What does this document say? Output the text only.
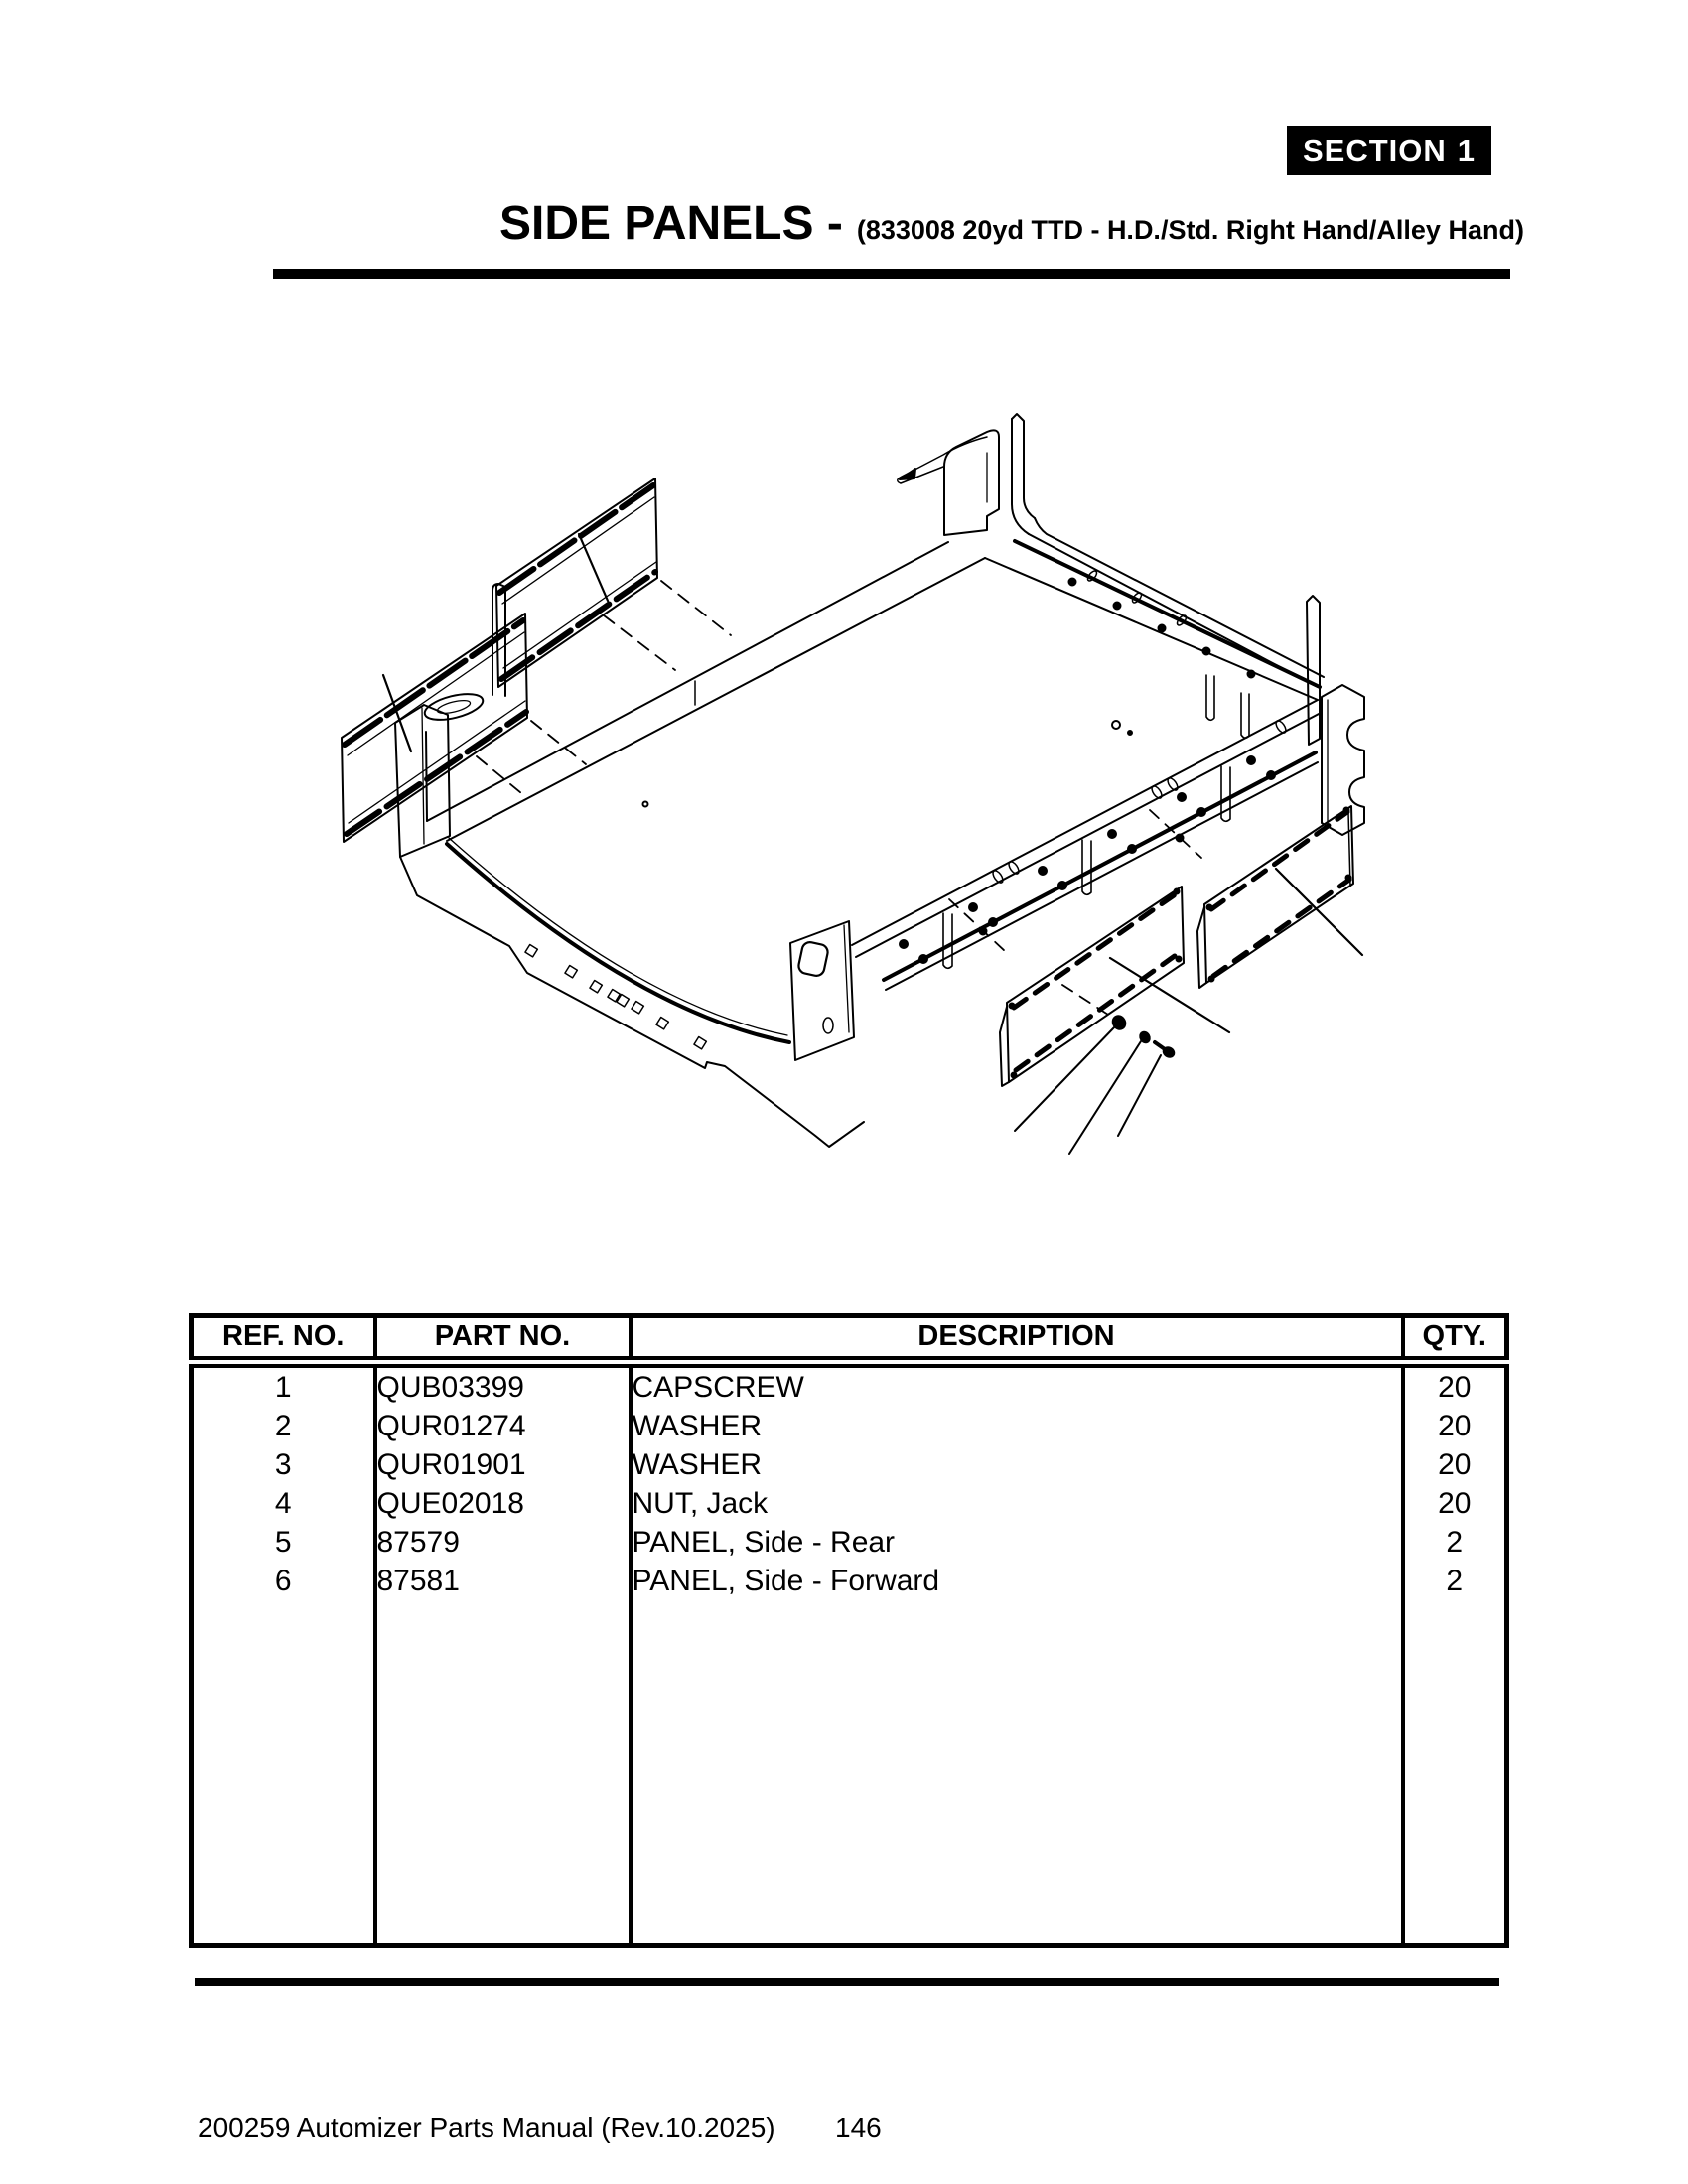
SECTION 1
SIDE PANELS - (833008 20yd TTD - H.D./Std. Right Hand/Alley Hand)
REF. NO.	PART NO.	DESCRIPTION	QTY.
1	QUB03399	CAPSCREW	20
2	QUR01274	WASHER	20
3	QUR01901	WASHER	20
4	QUE02018	NUT, Jack	20
5	87579	PANEL, Side - Rear	2
6	87581	PANEL, Side - Forward	2

200259 Automizer Parts Manual (Rev.10.2025) 146
